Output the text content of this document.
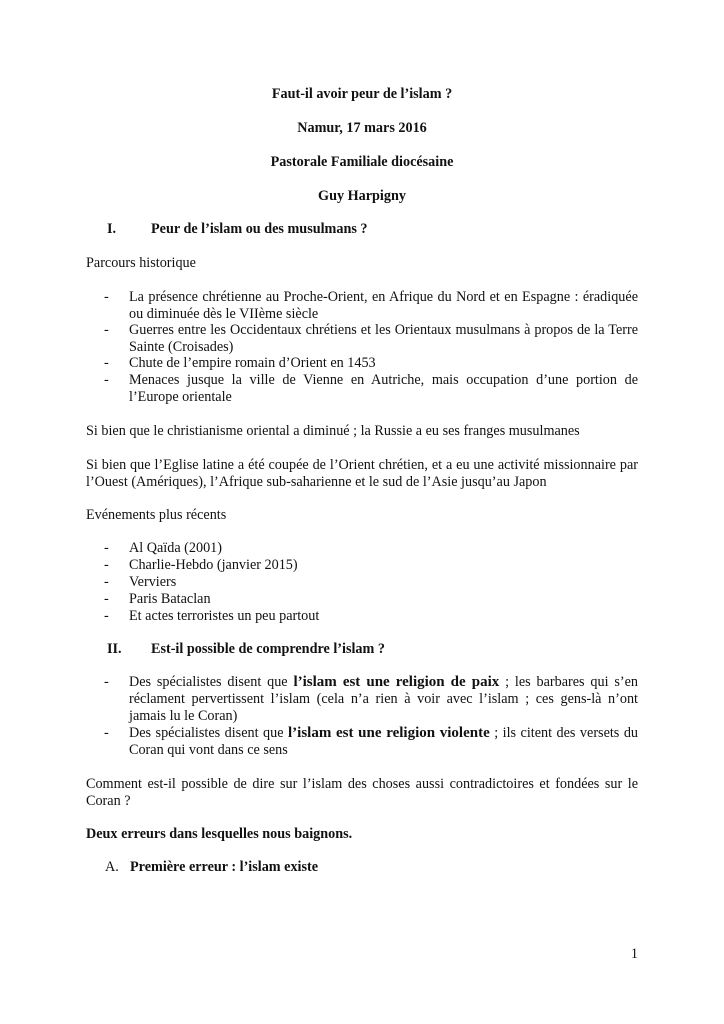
Faut-il avoir peur de l’islam ?
Namur, 17 mars 2016
Pastorale Familiale diocésaine
Guy Harpigny
I. Peur de l’islam ou des musulmans ?
Parcours historique
- La présence chrétienne au Proche-Orient, en Afrique du Nord et en Espagne : éradiquée ou diminuée dès le VIIème siècle
- Guerres entre les Occidentaux chrétiens et les Orientaux musulmans à propos de la Terre Sainte (Croisades)
- Chute de l’empire romain d’Orient en 1453
- Menaces jusque la ville de Vienne en Autriche, mais occupation d’une portion de l’Europe orientale
Si bien que le christianisme oriental a diminué ; la Russie a eu ses franges musulmanes
Si bien que l’Eglise latine a été coupée de l’Orient chrétien, et a eu une activité missionnaire par l’Ouest (Amériques), l’Afrique sub-saharienne et le sud de l’Asie jusqu’au Japon
Evénements plus récents
- Al Qaïda (2001)
- Charlie-Hebdo (janvier 2015)
- Verviers
- Paris Bataclan
- Et actes terroristes un peu partout
II. Est-il possible de comprendre l’islam ?
- Des spécialistes disent que l’islam est une religion de paix ; les barbares qui s’en réclament pervertissent l’islam (cela n’a rien à voir avec l’islam ; ces gens-là n’ont jamais lu le Coran)
- Des spécialistes disent que l’islam est une religion violente ; ils citent des versets du Coran qui vont dans ce sens
Comment est-il possible de dire sur l’islam des choses aussi contradictoires et fondées sur le Coran ?
Deux erreurs dans lesquelles nous baignons.
A. Première erreur : l’islam existe
1
